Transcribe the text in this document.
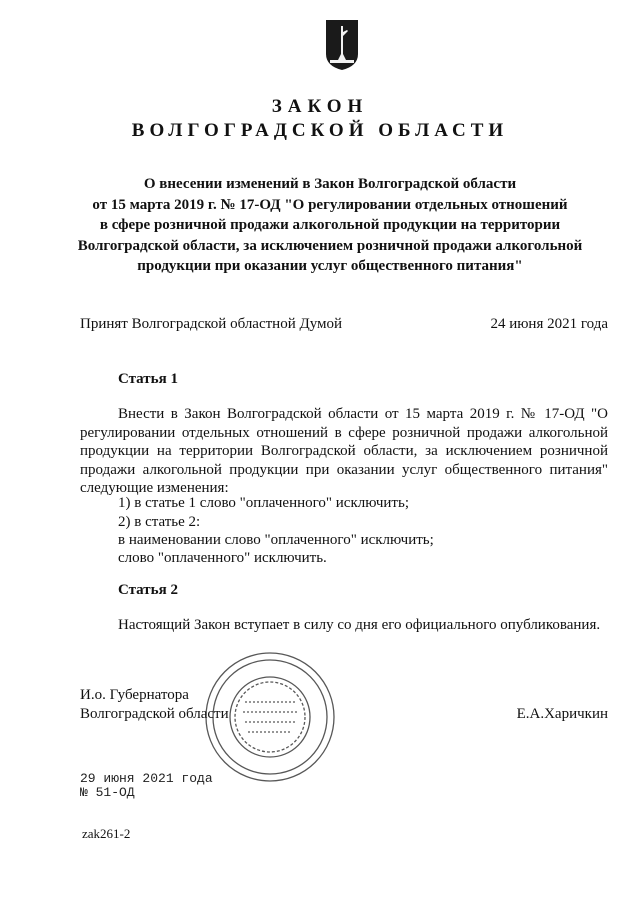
ЗАКОН
ВОЛГОГРАДСКОЙ ОБЛАСТИ
О внесении изменений в Закон Волгоградской области
от 15 марта 2019 г. № 17-ОД "О регулировании отдельных отношений
в сфере розничной продажи алкогольной продукции на территории
Волгоградской области, за исключением розничной продажи алкогольной
продукции при оказании услуг общественного питания"
Принят Волгоградской областной Думой	24 июня 2021 года
Статья 1
Внести в Закон Волгоградской области от 15 марта 2019 г. № 17-ОД "О регулировании отдельных отношений в сфере розничной продажи алкогольной продукции на территории Волгоградской области, за исключением розничной продажи алкогольной продукции при оказании услуг общественного питания" следующие изменения:
1) в статье 1 слово "оплаченного" исключить;
2) в статье 2:
в наименовании слово "оплаченного" исключить;
слово "оплаченного" исключить.
Статья 2
Настоящий Закон вступает в силу со дня его официального опубликования.
И.о. Губернатора
Волгоградской области	Е.А.Харичкин
29 июня 2021 года
№ 51-ОД
zak261-2
